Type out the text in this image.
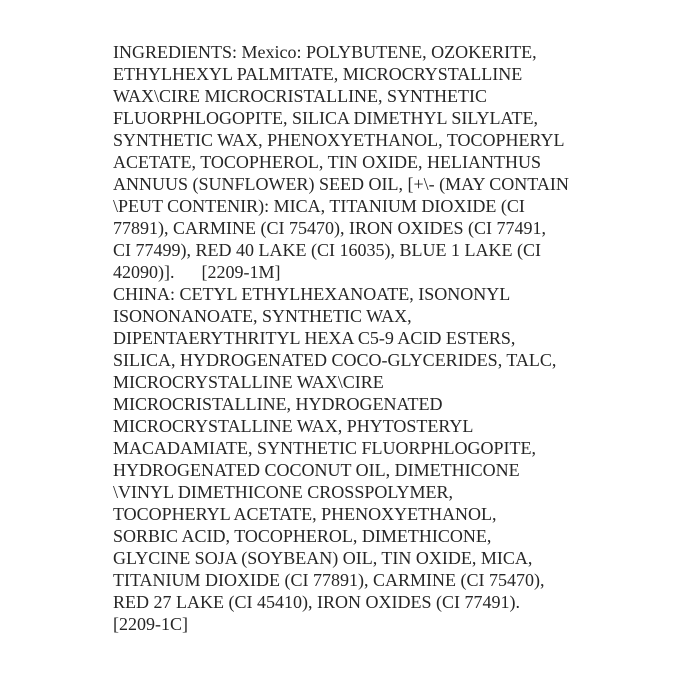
INGREDIENTS: Mexico: POLYBUTENE, OZOKERITE,
ETHYLHEXYL PALMITATE, MICROCRYSTALLINE
WAX\CIRE MICROCRISTALLINE, SYNTHETIC
FLUORPHLOGOPITE, SILICA DIMETHYL SILYLATE,
SYNTHETIC WAX, PHENOXYETHANOL, TOCOPHERYL
ACETATE, TOCOPHEROL, TIN OXIDE, HELIANTHUS
ANNUUS (SUNFLOWER) SEED OIL, [+\- (MAY CONTAIN
\PEUT CONTENIR): MICA, TITANIUM DIOXIDE (CI
77891), CARMINE (CI 75470), IRON OXIDES (CI 77491,
CI 77499), RED 40 LAKE (CI 16035), BLUE 1 LAKE (CI
42090)].      [2209-1M]
CHINA: CETYL ETHYLHEXANOATE, ISONONYL
ISONONANOATE, SYNTHETIC WAX,
DIPENTAERYTHRITYL HEXA C5-9 ACID ESTERS,
SILICA, HYDROGENATED COCO-GLYCERIDES, TALC,
MICROCRYSTALLINE WAX\CIRE
MICROCRISTALLINE, HYDROGENATED
MICROCRYSTALLINE WAX, PHYTOSTERYL
MACADAMIATE, SYNTHETIC FLUORPHLOGOPITE,
HYDROGENATED COCONUT OIL, DIMETHICONE
\VINYL DIMETHICONE CROSSPOLYMER,
TOCOPHERYL ACETATE, PHENOXYETHANOL,
SORBIC ACID, TOCOPHEROL, DIMETHICONE,
GLYCINE SOJA (SOYBEAN) OIL, TIN OXIDE, MICA,
TITANIUM DIOXIDE (CI 77891), CARMINE (CI 75470),
RED 27 LAKE (CI 45410), IRON OXIDES (CI 77491).
[2209-1C]
